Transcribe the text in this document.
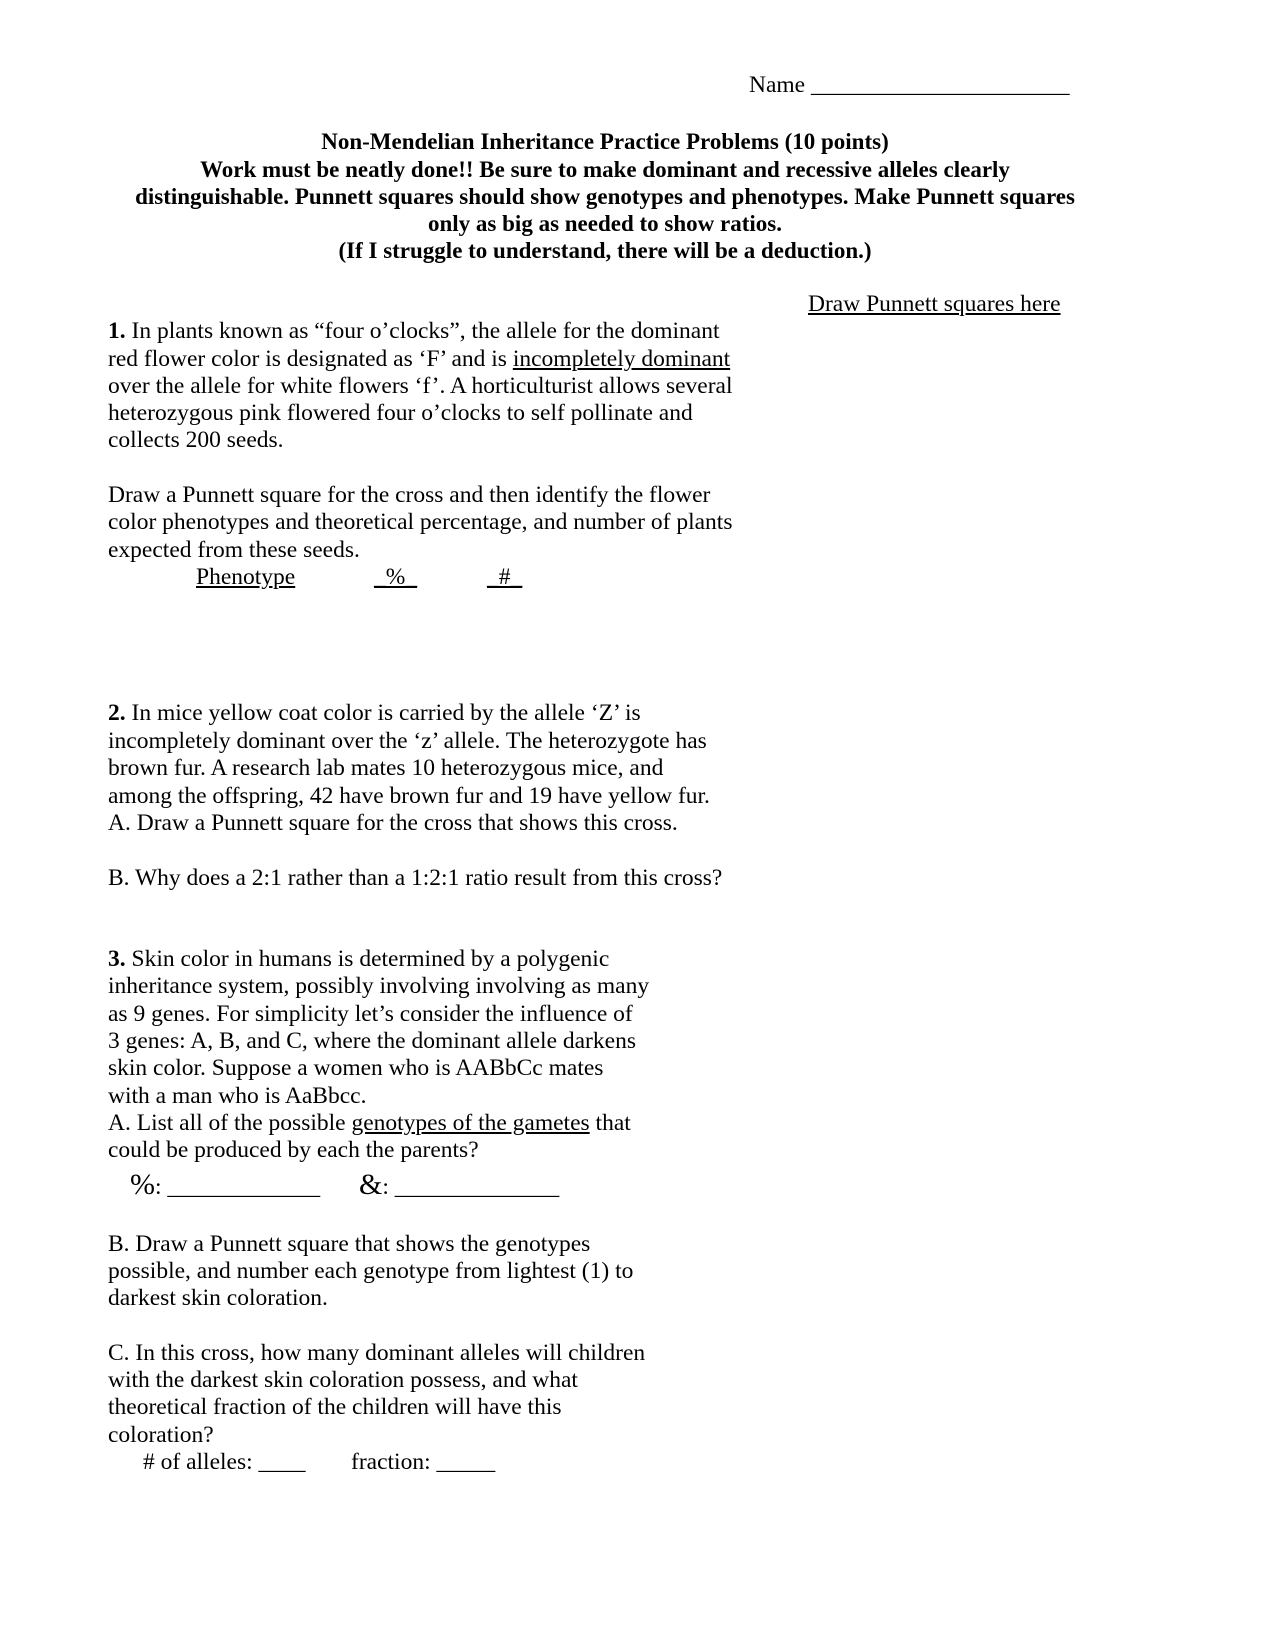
Name ______________________
Non-Mendelian Inheritance Practice Problems (10 points)
Work must be neatly done!! Be sure to make dominant and recessive alleles clearly
distinguishable. Punnett squares should show genotypes and phenotypes. Make Punnett squares
only as big as needed to show ratios.
(If I struggle to understand, there will be a deduction.)
Draw Punnett squares here
1. In plants known as “four o’clocks”, the allele for the dominant
red flower color is designated as ‘F’ and is incompletely dominant
over the allele for white flowers ‘f’. A horticulturist allows several
heterozygous pink flowered four o’clocks to self pollinate and
collects 200 seeds.
Draw a Punnett square for the cross and then identify the flower
color phenotypes and theoretical percentage, and number of plants
expected from these seeds.
Phenotype	_%_	_#_
2. In mice yellow coat color is carried by the allele ‘Z’ is
incompletely dominant over the ‘z’ allele. The heterozygote has
brown fur. A research lab mates 10 heterozygous mice, and
among the offspring, 42 have brown fur and 19 have yellow fur.
A. Draw a Punnett square for the cross that shows this cross.
B. Why does a 2:1 rather than a 1:2:1 ratio result from this cross?
3. Skin color in humans is determined by a polygenic
inheritance system, possibly involving involving as many
as 9 genes. For simplicity let’s consider the influence of
3 genes: A, B, and C, where the dominant allele darkens
skin color. Suppose a women who is AABbCc mates
with a man who is AaBbcc.
A. List all of the possible genotypes of the gametes that
could be produced by each the parents?
%: _____________ &: ______________
B. Draw a Punnett square that shows the genotypes
possible, and number each genotype from lightest (1) to
darkest skin coloration.
C. In this cross, how many dominant alleles will children
with the darkest skin coloration possess, and what
theoretical fraction of the children will have this
coloration?
# of alleles: ____ fraction: _____
